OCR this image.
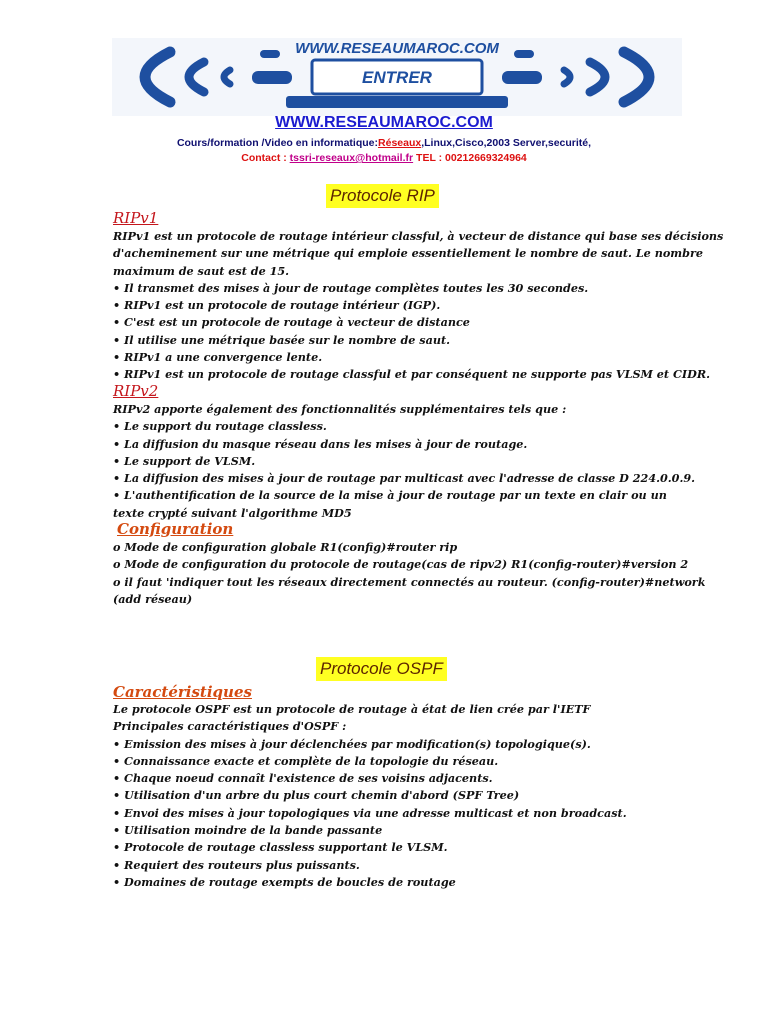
WWW.RESEAUMAROC.COM
ENTRER
WWW.RESEAUMAROC.COM
Cours/formation /Video en informatique:Réseaux,Linux,Cisco,2003 Server,securité,
Contact : tssri-reseaux@hotmail.fr TEL : 00212669324964
Protocole RIP
RIPv1

RIPv1 est un protocole de routage intérieur classful, à vecteur de distance qui base ses décisions

d'acheminement sur une métrique qui emploie essentiellement le nombre de saut. Le nombre

maximum de saut est de 15.

• Il transmet des mises à jour de routage complètes toutes les 30 secondes.

• RIPv1 est un protocole de routage intérieur (IGP).

• C'est est un protocole de routage à vecteur de distance

• Il utilise une métrique basée sur le nombre de saut.

• RIPv1 a une convergence lente.

• RIPv1 est un protocole de routage classful et par conséquent ne supporte pas VLSM et CIDR.

RIPv2

RIPv2 apporte également des fonctionnalités supplémentaires tels que :

• Le support du routage classless.

• La diffusion du masque réseau dans les mises à jour de routage.

• Le support de VLSM.

• La diffusion des mises à jour de routage par multicast avec l'adresse de classe D 224.0.0.9.

• L'authentification de la source de la mise à jour de routage par un texte en clair ou un

texte crypté suivant l'algorithme MD5

Configuration

o Mode de configuration globale R1(config)#router rip

o Mode de configuration du protocole de routage(cas de ripv2) R1(config-router)#version 2

o il faut 'indiquer tout les réseaux directement connectés au routeur. (config-router)#network

(add réseau)

Protocole OSPF
Caractéristiques

Le protocole OSPF est un protocole de routage à état de lien crée par l'IETF

Principales caractéristiques d'OSPF :

• Emission des mises à jour déclenchées par modification(s) topologique(s).

• Connaissance exacte et complète de la topologie du réseau.

• Chaque noeud connaît l'existence de ses voisins adjacents.

• Utilisation d'un arbre du plus court chemin d'abord (SPF Tree)

• Envoi des mises à jour topologiques via une adresse multicast et non broadcast.

• Utilisation moindre de la bande passante

• Protocole de routage classless supportant le VLSM.

• Requiert des routeurs plus puissants.

• Domaines de routage exempts de boucles de routage
